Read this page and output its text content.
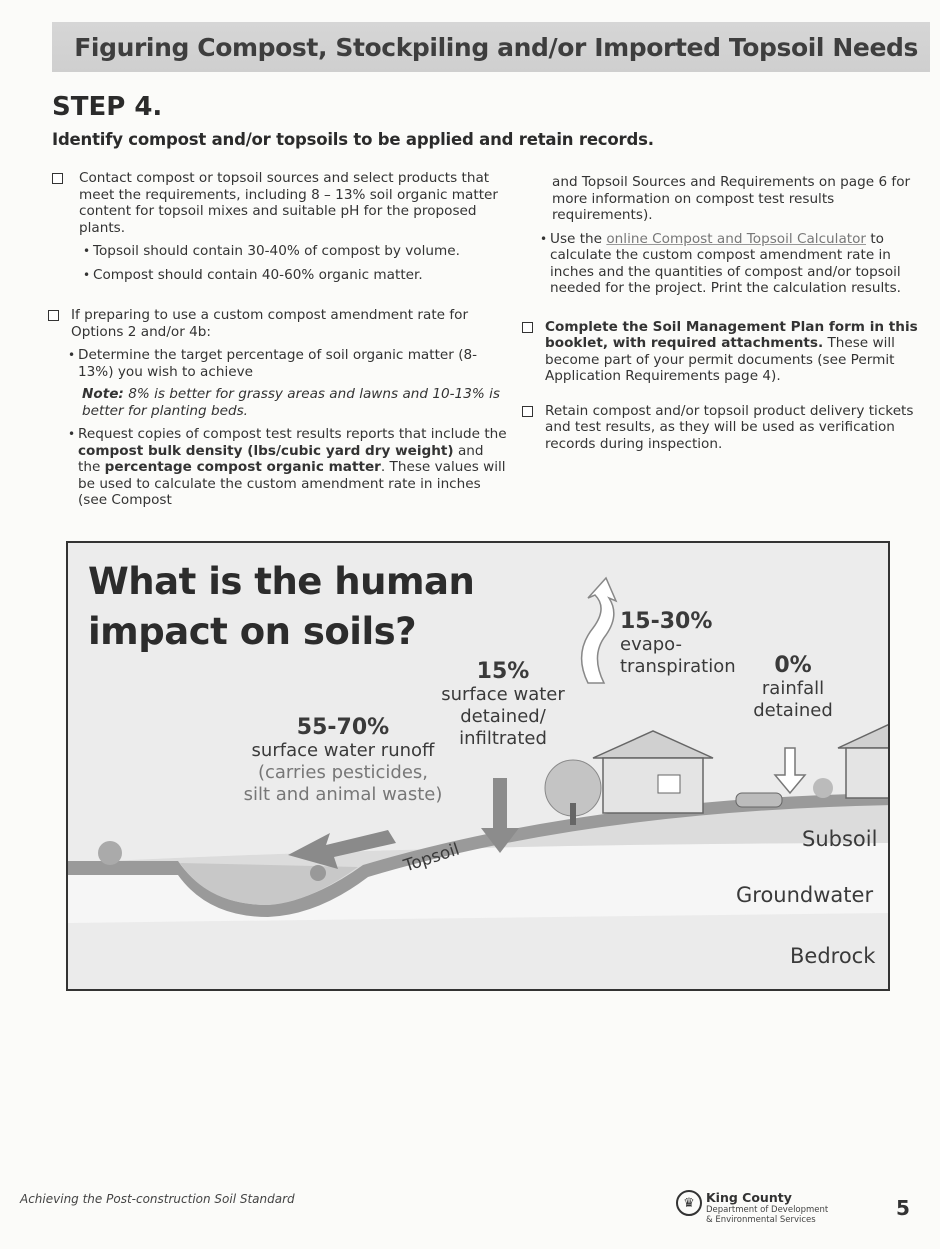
Figuring Compost, Stockpiling and/or Imported Topsoil Needs
STEP 4.
Identify compost and/or topsoils to be applied and retain records.
Contact compost or topsoil sources and select products that meet the requirements, including 8 – 13% soil organic matter content for topsoil mixes and suitable pH for the proposed plants.
• Topsoil should contain 30-40% of compost by volume.
• Compost should contain 40-60% organic matter.
If preparing to use a custom compost amendment rate for Options 2 and/or 4b:
• Determine the target percentage of soil organic matter (8-13%) you wish to achieve
Note: 8% is better for grassy areas and lawns and 10-13% is better for planting beds.
• Request copies of compost test results reports that include the compost bulk density (lbs/cubic yard dry weight) and the percentage compost organic matter. These values will be used to calculate the custom amendment rate in inches (see Compost
and Topsoil Sources and Requirements on page 6 for more information on compost test results requirements).
• Use the online Compost and Topsoil Calculator to calculate the custom compost amendment rate in inches and the quantities of compost and/or topsoil needed for the project. Print the calculation results.
Complete the Soil Management Plan form in this booklet, with required attachments. These will become part of your permit documents (see Permit Application Requirements page 4).
Retain compost and/or topsoil product delivery tickets and test results, as they will be used as verification records during inspection.
What is the human
impact on soils?
55-70%
surface water runoff
(carries pesticides,
silt and animal waste)
15%
surface water
detained/
infiltrated
15-30%
evapo-
transpiration	0%
rainfall
detained
Topsoil
Subsoil
Groundwater
Bedrock
Achieving the Post-construction Soil Standard	♛ King County
Department of Development
& Environmental Services	5
